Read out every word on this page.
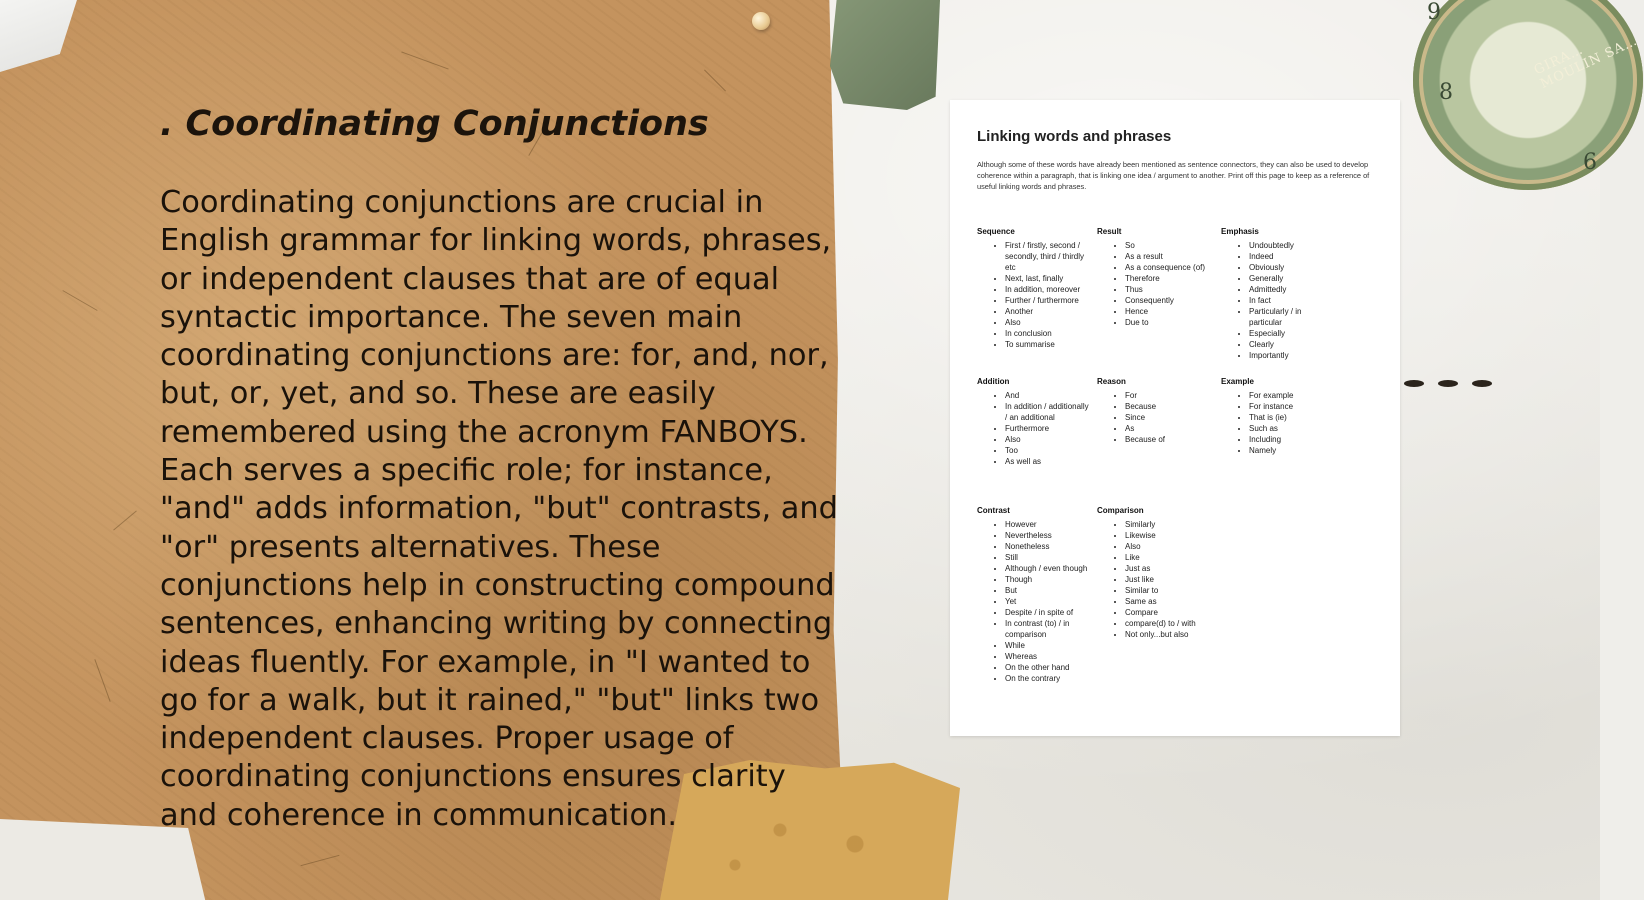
9
8
6
GIRA… MOULIN SA…
. Coordinating Conjunctions

Coordinating conjunctions are crucial in English grammar for linking words, phrases, or independent clauses that are of equal syntactic importance. The seven main coordinating conjunctions are: for, and, nor, but, or, yet, and so. These are easily remembered using the acronym FANBOYS. Each serves a specific role; for instance, "and" adds information, "but" contrasts, and "or" presents alternatives. These conjunctions help in constructing compound sentences, enhancing writing by connecting ideas fluently. For example, in "I wanted to go for a walk, but it rained," "but" links two independent clauses. Proper usage of coordinating conjunctions ensures clarity and coherence in communication.

Linking words and phrases

Although some of these words have already been mentioned as sentence connectors, they can also be used to develop coherence within a paragraph, that is linking one idea / argument to another. Print off this page to keep as a reference of useful linking words and phrases.

Sequence
• First / firstly, second / secondly, third / thirdly etc
• Next, last, finally
• In addition, moreover
• Further / furthermore
• Another
• Also
• In conclusion
• To summarise
Result
• So
• As a result
• As a consequence (of)
• Therefore
• Thus
• Consequently
• Hence
• Due to
Emphasis
• Undoubtedly
• Indeed
• Obviously
• Generally
• Admittedly
• In fact
• Particularly / in particular
• Especially
• Clearly
• Importantly
Addition
• And
• In addition / additionally / an additional
• Furthermore
• Also
• Too
• As well as
Reason
• For
• Because
• Since
• As
• Because of
Example
• For example
• For instance
• That is (ie)
• Such as
• Including
• Namely
Contrast
• However
• Nevertheless
• Nonetheless
• Still
• Although / even though
• Though
• But
• Yet
• Despite / in spite of
• In contrast (to) / in comparison
• While
• Whereas
• On the other hand
• On the contrary
Comparison
• Similarly
• Likewise
• Also
• Like
• Just as
• Just like
• Similar to
• Same as
• Compare
• compare(d) to / with
• Not only...but also
